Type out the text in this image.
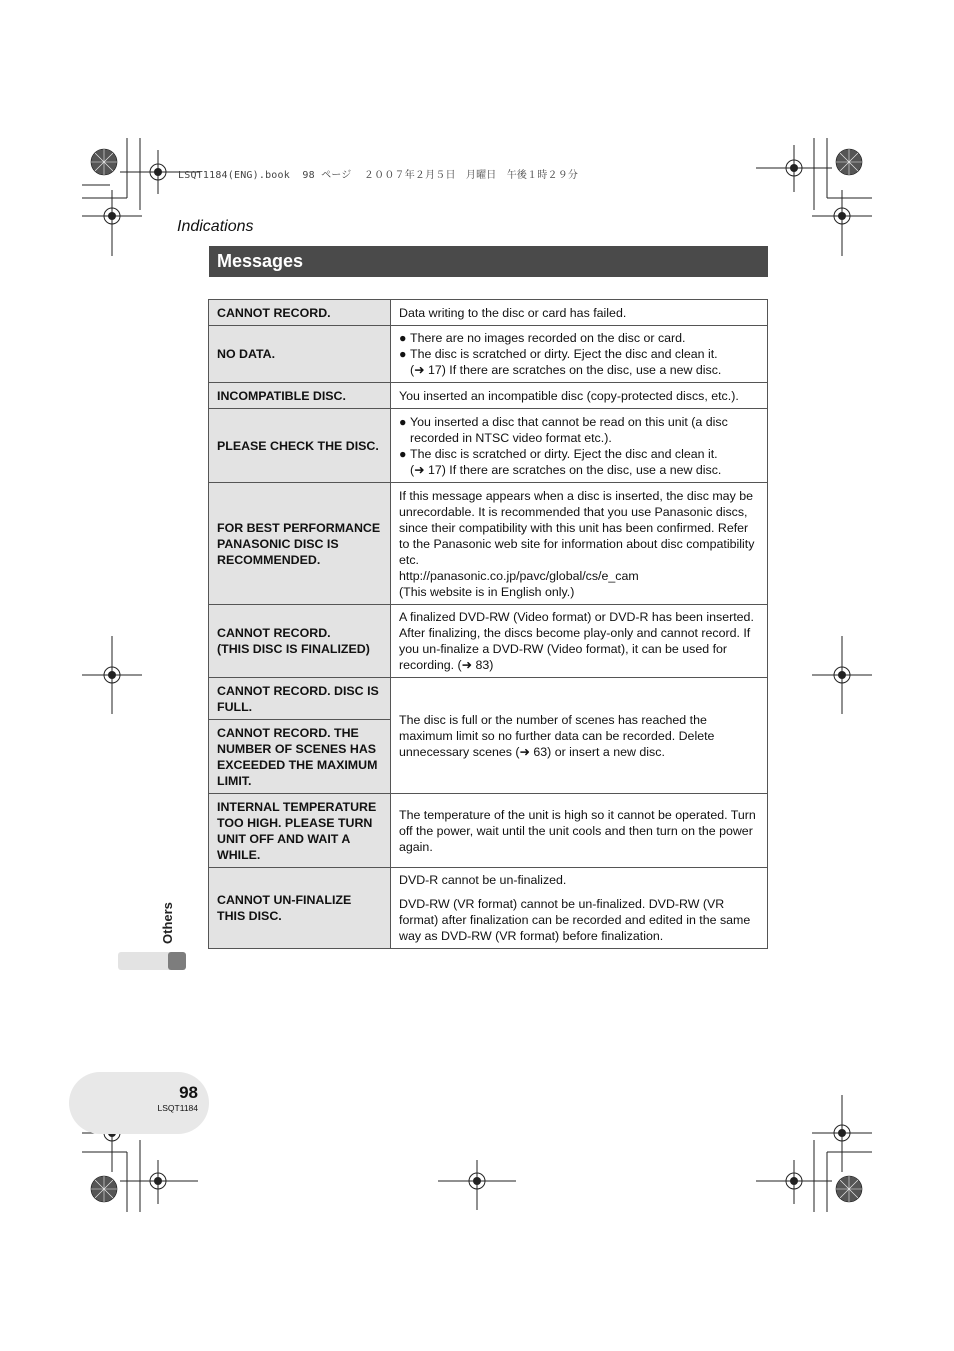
LSQT1184(ENG).book  98 ページ  ２００７年２月５日　月曜日　午後１時２９分
Indications
Messages
CANNOT RECORD.	Data writing to the disc or card has failed.
NO DATA.	● There are no images recorded on the disc or card.
● The disc is scratched or dirty. Eject the disc and clean it.
(➜ 17) If there are scratches on the disc, use a new disc.

INCOMPATIBLE DISC.	You inserted an incompatible disc (copy-protected discs, etc.).
PLEASE CHECK THE DISC.	● You inserted a disc that cannot be read on this unit (a disc recorded in NTSC video format etc.).
● The disc is scratched or dirty. Eject the disc and clean it.
(➜ 17) If there are scratches on the disc, use a new disc.

FOR BEST PERFORMANCE PANASONIC DISC IS RECOMMENDED.	If this message appears when a disc is inserted, the disc may be unrecordable. It is recommended that you use Panasonic discs, since their compatibility with this unit has been confirmed. Refer to the Panasonic web site for information about disc compatibility etc.
http://panasonic.co.jp/pavc/global/cs/e_cam
(This website is in English only.)

CANNOT RECORD.
(THIS DISC IS FINALIZED)	A finalized DVD-RW (Video format) or DVD-R has been inserted. After finalizing, the discs become play-only and cannot record. If you un-finalize a DVD-RW (Video format), it can be used for recording. (➜ 83)
CANNOT RECORD. DISC IS FULL.	The disc is full or the number of scenes has reached the maximum limit so no further data can be recorded. Delete unnecessary scenes (➜ 63) or insert a new disc.
CANNOT RECORD. THE NUMBER OF SCENES HAS EXCEEDED THE MAXIMUM LIMIT.	
INTERNAL TEMPERATURE TOO HIGH. PLEASE TURN UNIT OFF AND WAIT A WHILE.	The temperature of the unit is high so it cannot be operated. Turn off the power, wait until the unit cools and then turn on the power again.
CANNOT UN-FINALIZE THIS DISC.	DVD-R cannot be un-finalized.
DVD-RW (VR format) cannot be un-finalized. DVD-RW (VR format) after finalization can be recorded and edited in the same way as DVD-RW (VR format) before finalization.
Others
98
LSQT1184
